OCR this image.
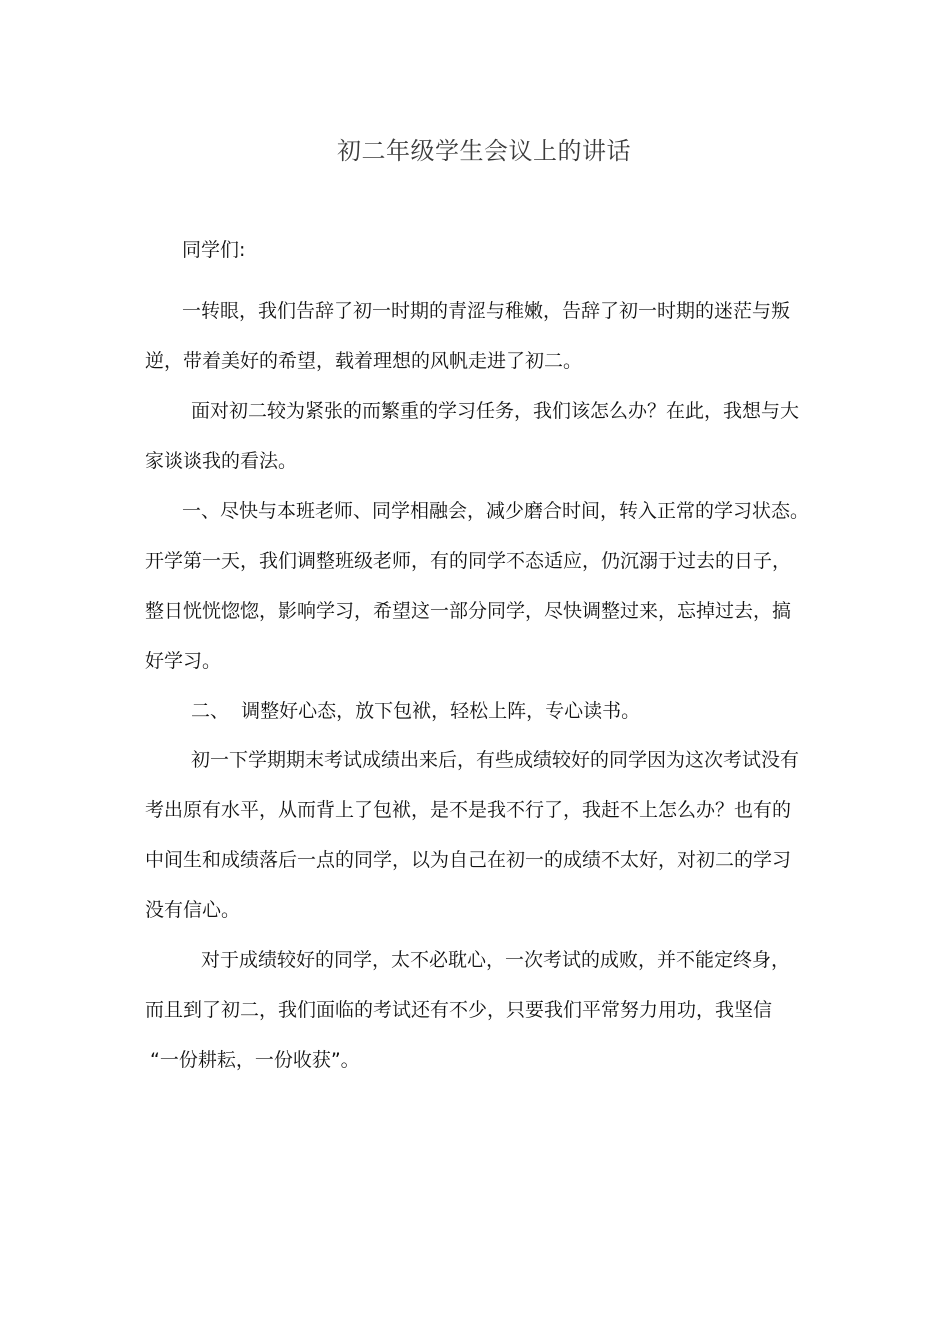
初二年级学生会议上的讲话
同学们:
一转眼，我们告辞了初一时期的青涩与稚嫩，告辞了初一时期的迷茫与叛
逆，带着美好的希望，载着理想的风帆走进了初二。
面对初二较为紧张的而繁重的学习任务，我们该怎么办？在此，我想与大
家谈谈我的看法。
一、尽快与本班老师、同学相融会，减少磨合时间，转入正常的学习状态。
开学第一天，我们调整班级老师，有的同学不态适应，仍沉溺于过去的日子，
整日恍恍惚惚，影响学习，希望这一部分同学，尽快调整过来，忘掉过去，搞
好学习。
二、  调整好心态，放下包袱，轻松上阵，专心读书。
初一下学期期末考试成绩出来后，有些成绩较好的同学因为这次考试没有
考出原有水平，从而背上了包袱，是不是我不行了，我赶不上怎么办？也有的
中间生和成绩落后一点的同学，以为自己在初一的成绩不太好，对初二的学习
没有信心。
对于成绩较好的同学，太不必耽心，一次考试的成败，并不能定终身，
而且到了初二，我们面临的考试还有不少，只要我们平常努力用功，我坚信
“一份耕耘，一份收获”。
